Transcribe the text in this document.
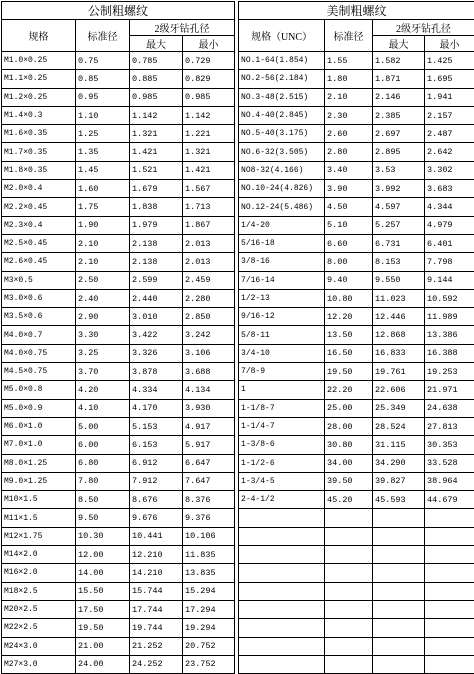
公制粗螺纹			
规格	标准径	2级牙钻孔径	
		最大	最小
M1.0×0.25	0.75	0.785	0.729
M1.1×0.25	0.85	0.885	0.829
M1.2×0.25	0.95	0.985	0.985
M1.4×0.3	1.10	1.142	1.142
M1.6×0.35	1.25	1.321	1.221
M1.7×0.35	1.35	1.421	1.321
M1.8×0.35	1.45	1.521	1.421
M2.0×0.4	1.60	1.679	1.567
M2.2×0.45	1.75	1.838	1.713
M2.3×0.4	1.90	1.979	1.867
M2.5×0.45	2.10	2.138	2.013
M2.6×0.45	2.10	2.138	2.013
M3×0.5	2.50	2.599	2.459
M3.0×0.6	2.40	2.440	2.280
M3.5×0.6	2.90	3.010	2.850
M4.0×0.7	3.30	3.422	3.242
M4.0×0.75	3.25	3.326	3.106
M4.5×0.75	3.70	3.878	3.688
M5.0×0.8	4.20	4.334	4.134
M5.0×0.9	4.10	4.170	3.930
M6.0×1.0	5.00	5.153	4.917
M7.0×1.0	6.00	6.153	5.917
M8.0×1.25	6.80	6.912	6.647
M9.0×1.25	7.80	7.912	7.647
M10×1.5	8.50	8.676	8.376
M11×1.5	9.50	9.676	9.376
M12×1.75	10.30	10.441	10.106
M14×2.0	12.00	12.210	11.835
M16×2.0	14.00	14.210	13.835
M18×2.5	15.50	15.744	15.294
M20×2.5	17.50	17.744	17.294
M22×2.5	19.50	19.744	19.294
M24×3.0	21.00	21.252	20.752
M27×3.0	24.00	24.252	23.752
美制粗螺纹			
规格（UNC）	标准径	2级牙钻孔径	
		最大	最小
NO.1-64(1.854)	1.55	1.582	1.425
NO.2-56(2.184)	1.80	1.871	1.695
NO.3-48(2.515)	2.10	2.146	1.941
NO.4-40(2.845)	2.30	2.385	2.157
NO.5-40(3.175)	2.60	2.697	2.487
NO.6-32(3.505)	2.80	2.895	2.642
NO8-32(4.166)	3.40	3.53	3.302
NO.10-24(4.826)	3.90	3.992	3.683
NO.12-24(5.486)	4.50	4.597	4.344
1/4-20	5.10	5.257	4.979
5/16-18	6.60	6.731	6.401
3/8-16	8.00	8.153	7.798
7/16-14	9.40	9.550	9.144
1/2-13	10.80	11.023	10.592
9/16-12	12.20	12.446	11.989
5/8-11	13.50	12.868	13.386
3/4-10	16.50	16.833	16.388
7/8-9	19.50	19.761	19.253
1	22.20	22.606	21.971
1-1/8-7	25.00	25.349	24.638
1-1/4-7	28.00	28.524	27.813
1-3/8-6	30.80	31.115	30.353
1-1/2-6	34.00	34.290	33.528
1-3/4-5	39.50	39.827	38.964
2-4-1/2	45.20	45.593	44.679
